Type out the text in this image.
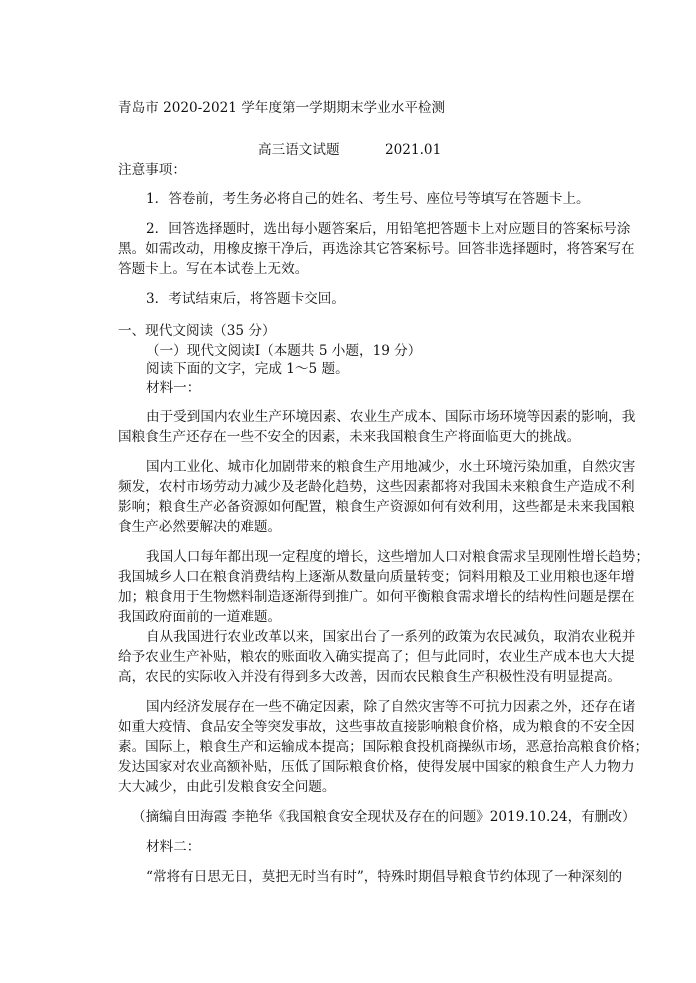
青岛市 2020-2021 学年度第一学期期末学业水平检测
高三语文试题	2021.01
注意事项：
1．答卷前，考生务必将自己的姓名、考生号、座位号等填写在答题卡上。
2．回答选择题时，选出每小题答案后，用铅笔把答题卡上对应题目的答案标号涂
黑。如需改动，用橡皮擦干净后，再选涂其它答案标号。回答非选择题时，将答案写在
答题卡上。写在本试卷上无效。
3．考试结束后，将答题卡交回。
一、现代文阅读（35 分）
（一）现代文阅读Ⅰ（本题共 5 小题，19 分）
阅读下面的文字，完成 1～5 题。
材料一：
由于受到国内农业生产环境因素、农业生产成本、国际市场环境等因素的影响，我
国粮食生产还存在一些不安全的因素，未来我国粮食生产将面临更大的挑战。
国内工业化、城市化加剧带来的粮食生产用地减少，水土环境污染加重，自然灾害
频发，农村市场劳动力减少及老龄化趋势，这些因素都将对我国未来粮食生产造成不利
影响；粮食生产必备资源如何配置，粮食生产资源如何有效利用，这些都是未来我国粮
食生产必然要解决的难题。
我国人口每年都出现一定程度的增长，这些增加人口对粮食需求呈现刚性增长趋势；
我国城乡人口在粮食消费结构上逐渐从数量向质量转变；饲料用粮及工业用粮也逐年增
加；粮食用于生物燃料制造逐渐得到推广。如何平衡粮食需求增长的结构性问题是摆在
我国政府面前的一道难题。
自从我国进行农业改革以来，国家出台了一系列的政策为农民减负，取消农业税并
给予农业生产补贴，粮农的账面收入确实提高了；但与此同时，农业生产成本也大大提
高，农民的实际收入并没有得到多大改善，因而农民粮食生产积极性没有明显提高。
国内经济发展存在一些不确定因素，除了自然灾害等不可抗力因素之外，还存在诸
如重大疫情、食品安全等突发事故，这些事故直接影响粮食价格，成为粮食的不安全因
素。国际上，粮食生产和运输成本提高；国际粮食投机商操纵市场，恶意抬高粮食价格；
发达国家对农业高额补贴，压低了国际粮食价格，使得发展中国家的粮食生产人力物力
大大减少，由此引发粮食安全问题。
（摘编自田海霞 李艳华《我国粮食安全现状及存在的问题》2019.10.24，有删改）
材料二：
“常将有日思无日，莫把无时当有时”，特殊时期倡导粮食节约体现了一种深刻的
